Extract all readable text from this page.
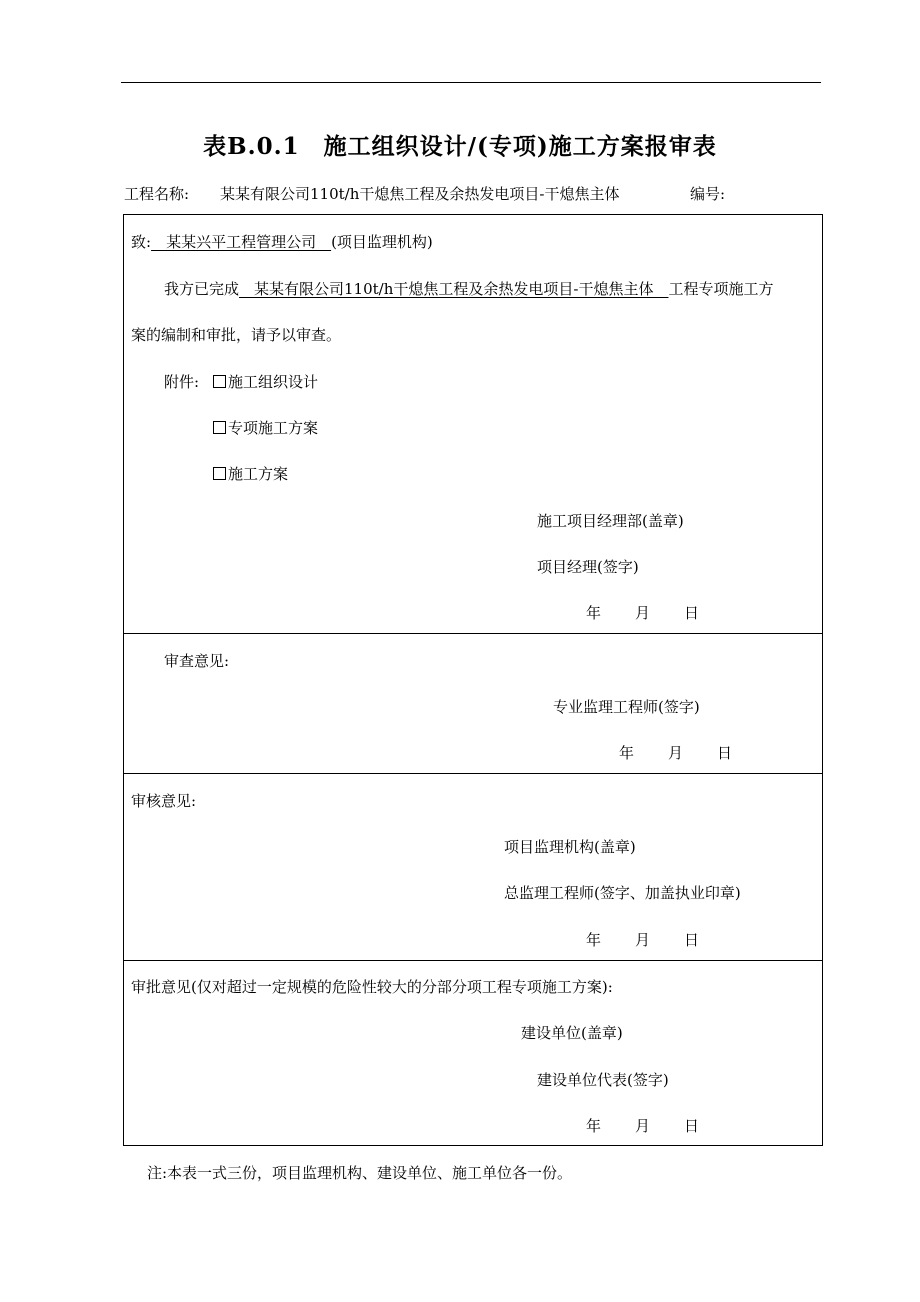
表B.0.1　施工组织设计/(专项)施工方案报审表
工程名称: 某某有限公司110t/h干熄焦工程及余热发电项目-干熄焦主体	编号:
致:　某某兴平工程管理公司　(项目监理机构)
我方已完成　某某有限公司110t/h干熄焦工程及余热发电项目-干熄焦主体　工程专项施工方
案的编制和审批，请予以审查。
附件:	施工组织设计
专项施工方案
施工方案
施工项目经理部(盖章)
项目经理(签字)
年 月 日
审查意见:
专业监理工程师(签字)
年 月 日
审核意见:
项目监理机构(盖章)
总监理工程师(签字、加盖执业印章)
年 月 日
审批意见(仅对超过一定规模的危险性较大的分部分项工程专项施工方案):
建设单位(盖章)
建设单位代表(签字)
年 月 日
注:本表一式三份，项目监理机构、建设单位、施工单位各一份。
